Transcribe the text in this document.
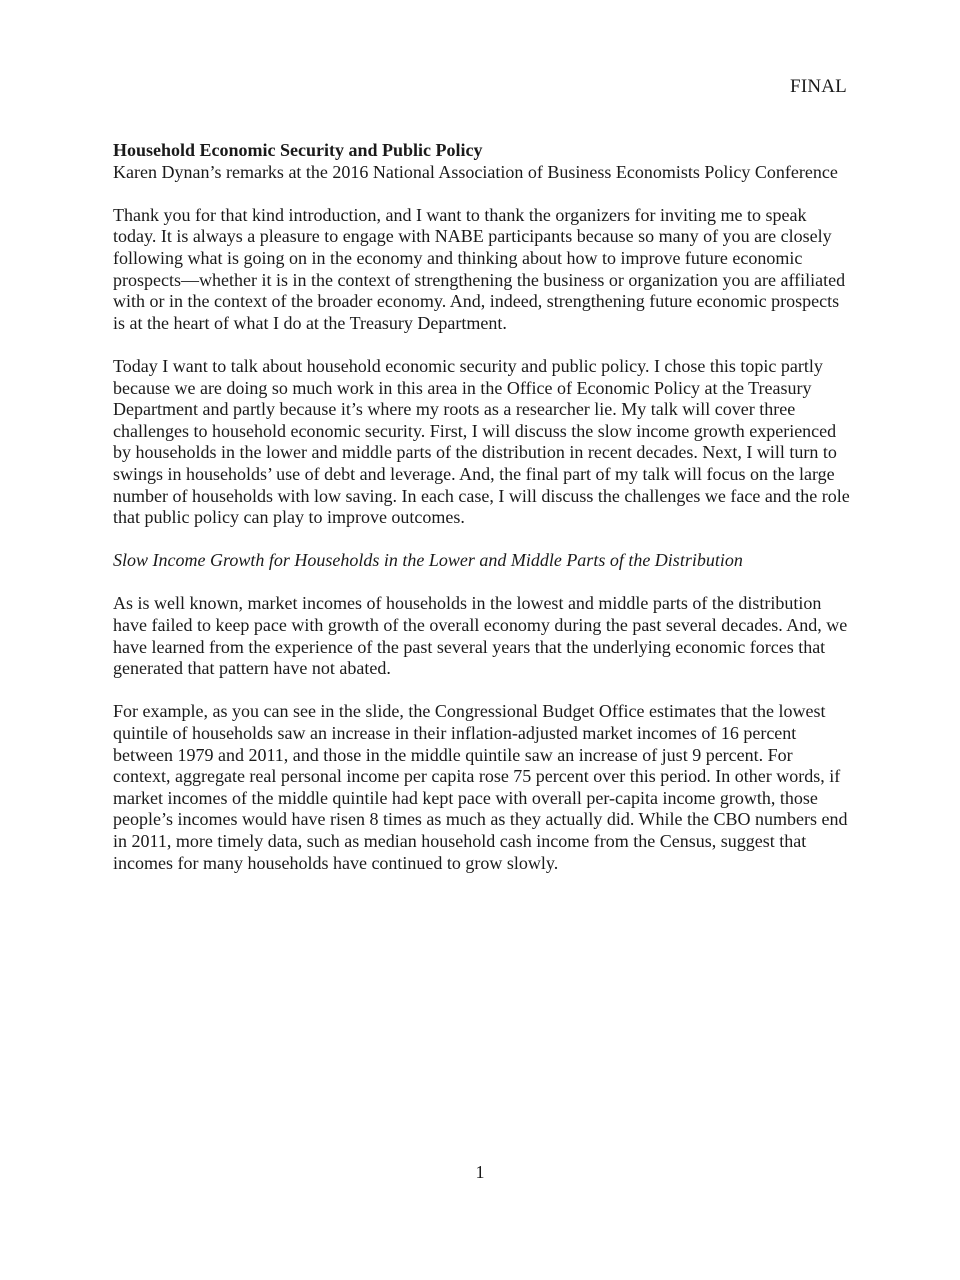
FINAL

Household Economic Security and Public Policy

Karen Dynan’s remarks at the 2016 National Association of Business Economists Policy Conference

Thank you for that kind introduction, and I want to thank the organizers for inviting me to speak today. It is always a pleasure to engage with NABE participants because so many of you are closely following what is going on in the economy and thinking about how to improve future economic prospects—whether it is in the context of strengthening the business or organization you are affiliated with or in the context of the broader economy. And, indeed, strengthening future economic prospects is at the heart of what I do at the Treasury Department.

Today I want to talk about household economic security and public policy. I chose this topic partly because we are doing so much work in this area in the Office of Economic Policy at the Treasury Department and partly because it’s where my roots as a researcher lie. My talk will cover three challenges to household economic security. First, I will discuss the slow income growth experienced by households in the lower and middle parts of the distribution in recent decades. Next, I will turn to swings in households’ use of debt and leverage. And, the final part of my talk will focus on the large number of households with low saving. In each case, I will discuss the challenges we face and the role that public policy can play to improve outcomes.

Slow Income Growth for Households in the Lower and Middle Parts of the Distribution

As is well known, market incomes of households in the lowest and middle parts of the distribution have failed to keep pace with growth of the overall economy during the past several decades. And, we have learned from the experience of the past several years that the underlying economic forces that generated that pattern have not abated.

For example, as you can see in the slide, the Congressional Budget Office estimates that the lowest quintile of households saw an increase in their inflation-adjusted market incomes of 16 percent between 1979 and 2011, and those in the middle quintile saw an increase of just 9 percent. For context, aggregate real personal income per capita rose 75 percent over this period. In other words, if market incomes of the middle quintile had kept pace with overall per-capita income growth, those people’s incomes would have risen 8 times as much as they actually did. While the CBO numbers end in 2011, more timely data, such as median household cash income from the Census, suggest that incomes for many households have continued to grow slowly.

1
